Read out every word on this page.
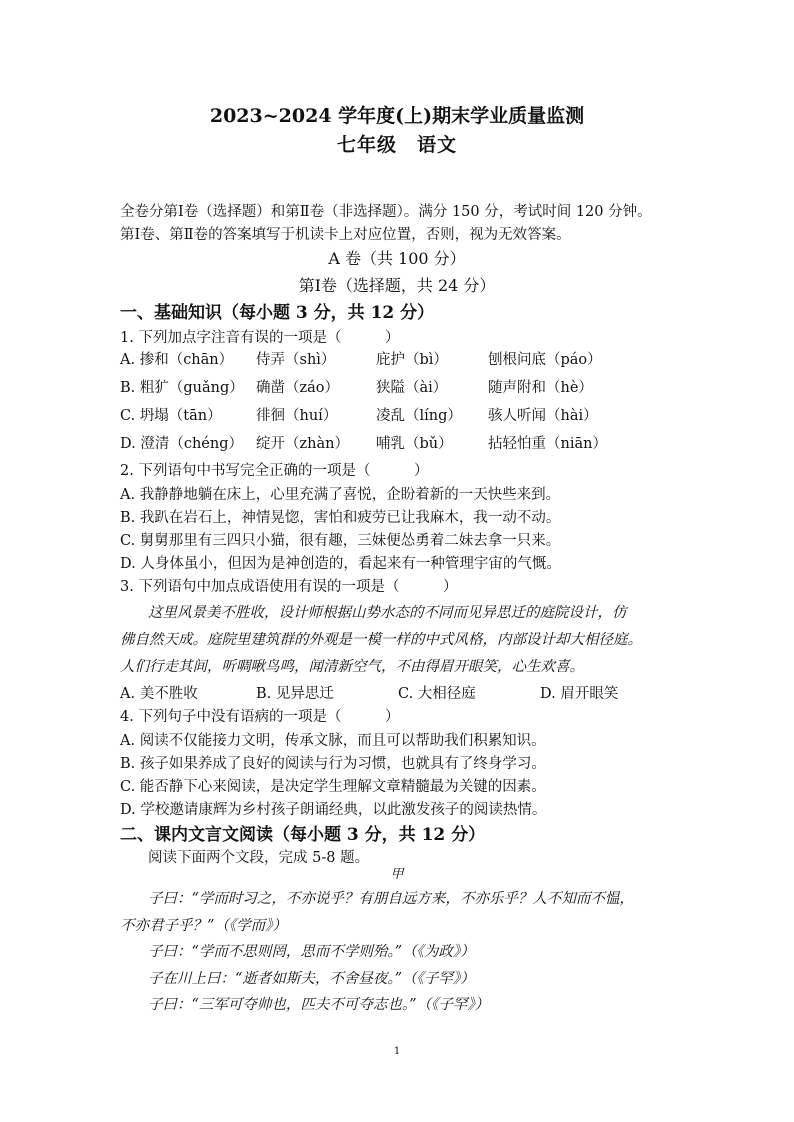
2023~2024 学年度(上)期末学业质量监测
七年级　语文
全卷分第Ⅰ卷（选择题）和第Ⅱ卷（非选择题）。满分 150 分，考试时间 120 分钟。
第Ⅰ卷、第Ⅱ卷的答案填写于机读卡上对应位置，否则，视为无效答案。
A 卷（共 100 分）
第Ⅰ卷（选择题，共 24 分）
一、基础知识（每小题 3 分，共 12 分）
1. 下列加点字注音有误的一项是（　　　）
A. 掺和（chān） 侍弄（shì）	庇护（bì）	刨根问底（páo）
B. 粗犷（guǎng） 确凿（záo）	狭隘（ài）	随声附和（hè）
C. 坍塌（tān） 徘徊（huí）	凌乱（líng） 骇人听闻（hài）
D. 澄清（chéng） 绽开（zhàn） 哺乳（bǔ） 拈轻怕重（niān）
2. 下列语句中书写完全正确的一项是（　　　）
A. 我静静地躺在床上，心里充满了喜悦，企盼着新的一天快些来到。
B. 我趴在岩石上，神情晃惚，害怕和疲劳已让我麻木，我一动不动。
C. 舅舅那里有三四只小猫，很有趣，三妹便怂勇着二妹去拿一只来。
D. 人身体虽小，但因为是神创造的，看起来有一种管理宇宙的气慨。
3. 下列语句中加点成语使用有误的一项是（　　　）
这里风景美不胜收，设计师根据山势水态的不同而见异思迁的庭院设计，仿
佛自然天成。庭院里建筑群的外观是一模一样的中式风格，内部设计却大相径庭。
人们行走其间，听啁啾鸟鸣，闻清新空气，不由得眉开眼笑，心生欢喜。
A. 美不胜收	B. 见异思迁	C. 大相径庭	D. 眉开眼笑
4. 下列句子中没有语病的一项是（　　　）
A. 阅读不仅能接力文明，传承文脉，而且可以帮助我们积累知识。
B. 孩子如果养成了良好的阅读与行为习惯，也就具有了终身学习。
C. 能否静下心来阅读，是决定学生理解文章精髓最为关键的因素。
D. 学校邀请康辉为乡村孩子朗诵经典，以此激发孩子的阅读热情。
二、课内文言文阅读（每小题 3 分，共 12 分）
阅读下面两个文段，完成 5-8 题。
甲
子曰：“学而时习之，不亦说乎？有朋自远方来，不亦乐乎？人不知而不愠，
不亦君子乎？”（《学而》）
子曰：“学而不思则罔，思而不学则殆。”（《为政》）
子在川上曰：“逝者如斯夫，不舍昼夜。”（《子罕》）
子曰：“三军可夺帅也，匹夫不可夺志也。”（《子罕》）
1
